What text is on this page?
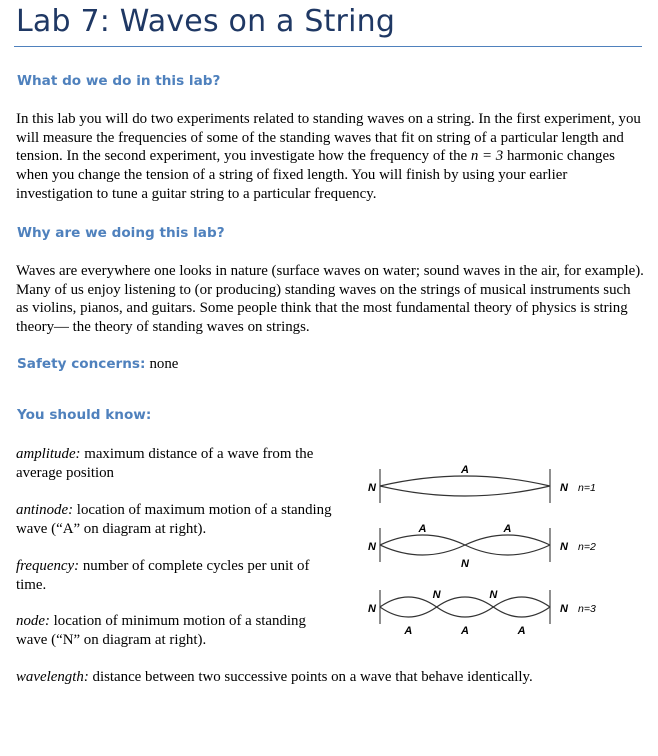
Lab 7: Waves on a String
What do we do in this lab?

In this lab you will do two experiments related to standing waves on a string. In the first experiment, you will measure the frequencies of some of the standing waves that fit on string of a particular length and tension. In the second experiment, you investigate how the frequency of the n = 3 harmonic changes when you change the tension of a string of fixed length. You will finish by using your earlier investigation to tune a guitar string to a particular frequency.

Why are we doing this lab?

Waves are everywhere one looks in nature (surface waves on water; sound waves in the air, for example). Many of us enjoy listening to (or producing) standing waves on the strings of musical instruments such as violins, pianos, and guitars. Some people think that the most fundamental theory of physics is string theory— the theory of standing waves on strings.

Safety concerns: none
You should know:

amplitude: maximum distance of a wave from the average position

antinode: location of maximum motion of a standing wave (“A” on diagram at right).

frequency: number of complete cycles per unit of time.

node: location of minimum motion of a standing wave (“N” on diagram at right).

wavelength: distance between two successive points on a wave that behave identically.

N	N
A
n=1
N	N
N
A	A
n=2
N	N
N	N
A	A	A
n=3
